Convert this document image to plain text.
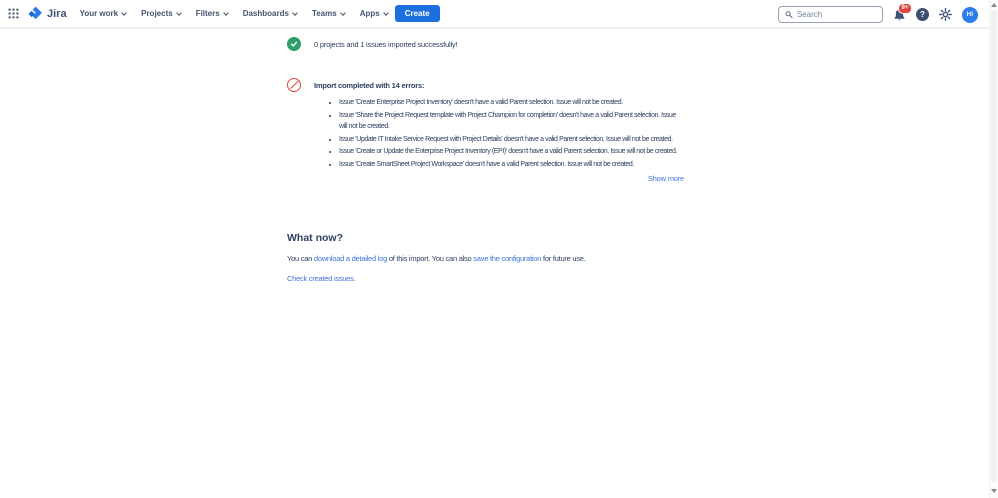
Jira Your work	Projects	Filters	Dashboards	Teams	Apps	Create
Search
9+
?	HI
0 projects and 1 issues imported successfully!
Import completed with 14 errors:
• Issue 'Create Enterprise Project Inventory' doesn't have a valid Parent selection. Issue will not be created.
• Issue 'Share the Project Request template with Project Champion for completion' doesn't have a valid Parent selection. Issue will not be created.
• Issue 'Update IT Intake Service Request with Project Details' doesn't have a valid Parent selection. Issue will not be created.
• Issue 'Create or Update the Enterprise Project Inventory (EPI)' doesn't have a valid Parent selection. Issue will not be created.
• Issue 'Create SmartSheet Project Workspace' doesn't have a valid Parent selection. Issue will not be created.
Show more
What now?
You can download a detailed log of this import. You can also save the configuration for future use.
Check created issues.
